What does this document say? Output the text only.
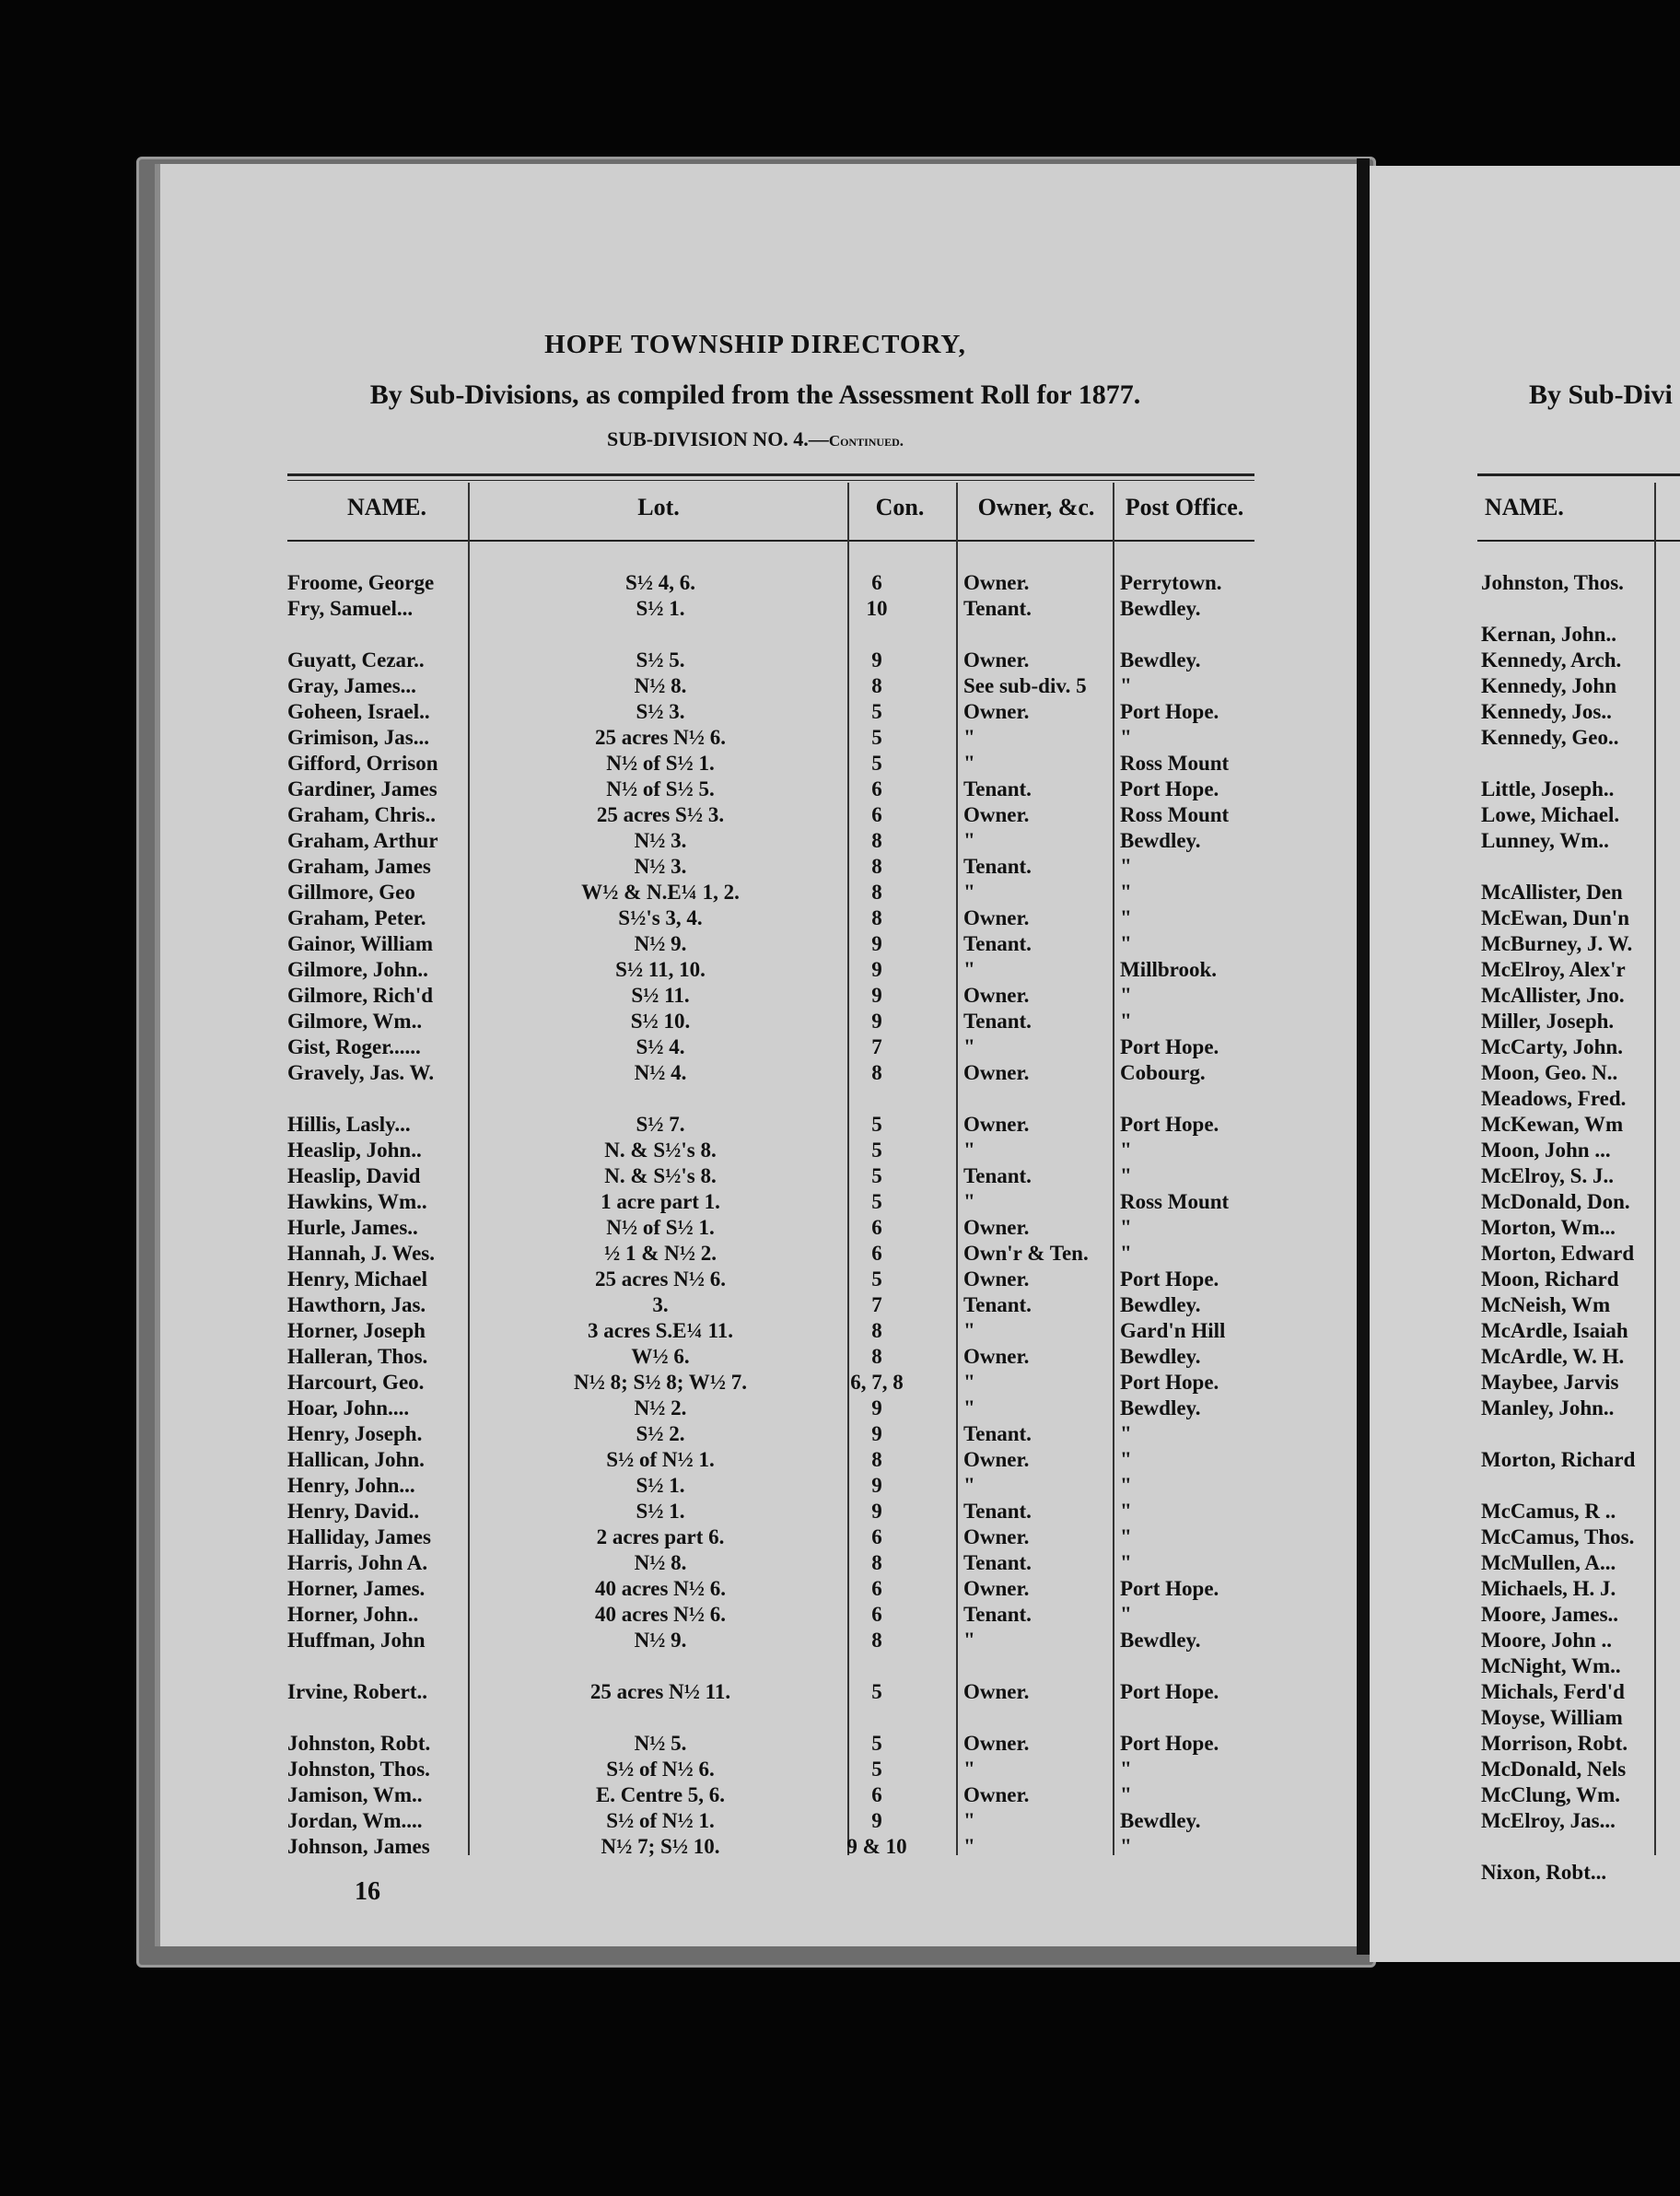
HOPE TOWNSHIP DIRECTORY,
By Sub-Divisions, as compiled from the Assessment Roll for 1877.
SUB-DIVISION NO. 4.—Continued.
NAME.	Lot.	Con.	Owner, &c.	Post Office.
Froome, George	S½ 4, 6.	6	Owner.	Perrytown.
Fry, Samuel...	S½ 1.	10	Tenant.	Bewdley.
Guyatt, Cezar..	S½ 5.	9	Owner.	Bewdley.
Gray, James...	N½ 8.	8	See sub-div. 5	"
Goheen, Israel..	S½ 3.	5	Owner.	Port Hope.
Grimison, Jas...	25 acres N½ 6.	5	"	"
Gifford, Orrison	N½ of S½ 1.	5	"	Ross Mount
Gardiner, James	N½ of S½ 5.	6	Tenant.	Port Hope.
Graham, Chris..	25 acres S½ 3.	6	Owner.	Ross Mount
Graham, Arthur	N½ 3.	8	"	Bewdley.
Graham, James	N½ 3.	8	Tenant.	"
Gillmore, Geo	W½ & N.E¼ 1, 2.	8	"	"
Graham, Peter.	S½'s 3, 4.	8	Owner.	"
Gainor, William	N½ 9.	9	Tenant.	"
Gilmore, John..	S½ 11, 10.	9	"	Millbrook.
Gilmore, Rich'd	S½ 11.	9	Owner.	"
Gilmore, Wm..	S½ 10.	9	Tenant.	"
Gist, Roger......	S½ 4.	7	"	Port Hope.
Gravely, Jas. W.	N½ 4.	8	Owner.	Cobourg.
Hillis, Lasly...	S½ 7.	5	Owner.	Port Hope.
Heaslip, John..	N. & S½'s 8.	5	"	"
Heaslip, David	N. & S½'s 8.	5	Tenant.	"
Hawkins, Wm..	1 acre part 1.	5	"	Ross Mount
Hurle, James..	N½ of S½ 1.	6	Owner.	"
Hannah, J. Wes.	½ 1 & N½ 2.	6	Own'r & Ten.	"
Henry, Michael	25 acres N½ 6.	5	Owner.	Port Hope.
Hawthorn, Jas.	3.	7	Tenant.	Bewdley.
Horner, Joseph	3 acres S.E¼ 11.	8	"	Gard'n Hill
Halleran, Thos.	W½ 6.	8	Owner.	Bewdley.
Harcourt, Geo.	N½ 8; S½ 8; W½ 7.	6, 7, 8	"	Port Hope.
Hoar, John....	N½ 2.	9	"	Bewdley.
Henry, Joseph.	S½ 2.	9	Tenant.	"
Hallican, John.	S½ of N½ 1.	8	Owner.	"
Henry, John...	S½ 1.	9	"	"
Henry, David..	S½ 1.	9	Tenant.	"
Halliday, James	2 acres part 6.	6	Owner.	"
Harris, John A.	N½ 8.	8	Tenant.	"
Horner, James.	40 acres N½ 6.	6	Owner.	Port Hope.
Horner, John..	40 acres N½ 6.	6	Tenant.	"
Huffman, John	N½ 9.	8	"	Bewdley.
Irvine, Robert..	25 acres N½ 11.	5	Owner.	Port Hope.
Johnston, Robt.	N½ 5.	5	Owner.	Port Hope.
Johnston, Thos.	S½ of N½ 6.	5	"	"
Jamison, Wm..	E. Centre 5, 6.	6	Owner.	"
Jordan, Wm....	S½ of N½ 1.	9	"	Bewdley.
Johnson, James	N½ 7; S½ 10.	9 & 10	"	"
16
By Sub-Divi
NAME.
Johnston, Thos.
Kernan, John..
Kennedy, Arch.
Kennedy, John
Kennedy, Jos..
Kennedy, Geo..
Little, Joseph..
Lowe, Michael.
Lunney, Wm..
McAllister, Den
McEwan, Dun'n
McBurney, J. W.
McElroy, Alex'r
McAllister, Jno.
Miller, Joseph.
McCarty, John.
Moon, Geo. N..
Meadows, Fred.
McKewan, Wm
Moon, John ...
McElroy, S. J..
McDonald, Don.
Morton, Wm...
Morton, Edward
Moon, Richard
McNeish, Wm
McArdle, Isaiah
McArdle, W. H.
Maybee, Jarvis
Manley, John..
Morton, Richard
McCamus, R ..
McCamus, Thos.
McMullen, A...
Michaels, H. J.
Moore, James..
Moore, John ..
McNight, Wm..
Michals, Ferd'd
Moyse, William
Morrison, Robt.
McDonald, Nels
McClung, Wm.
McElroy, Jas...
Nixon, Robt...
